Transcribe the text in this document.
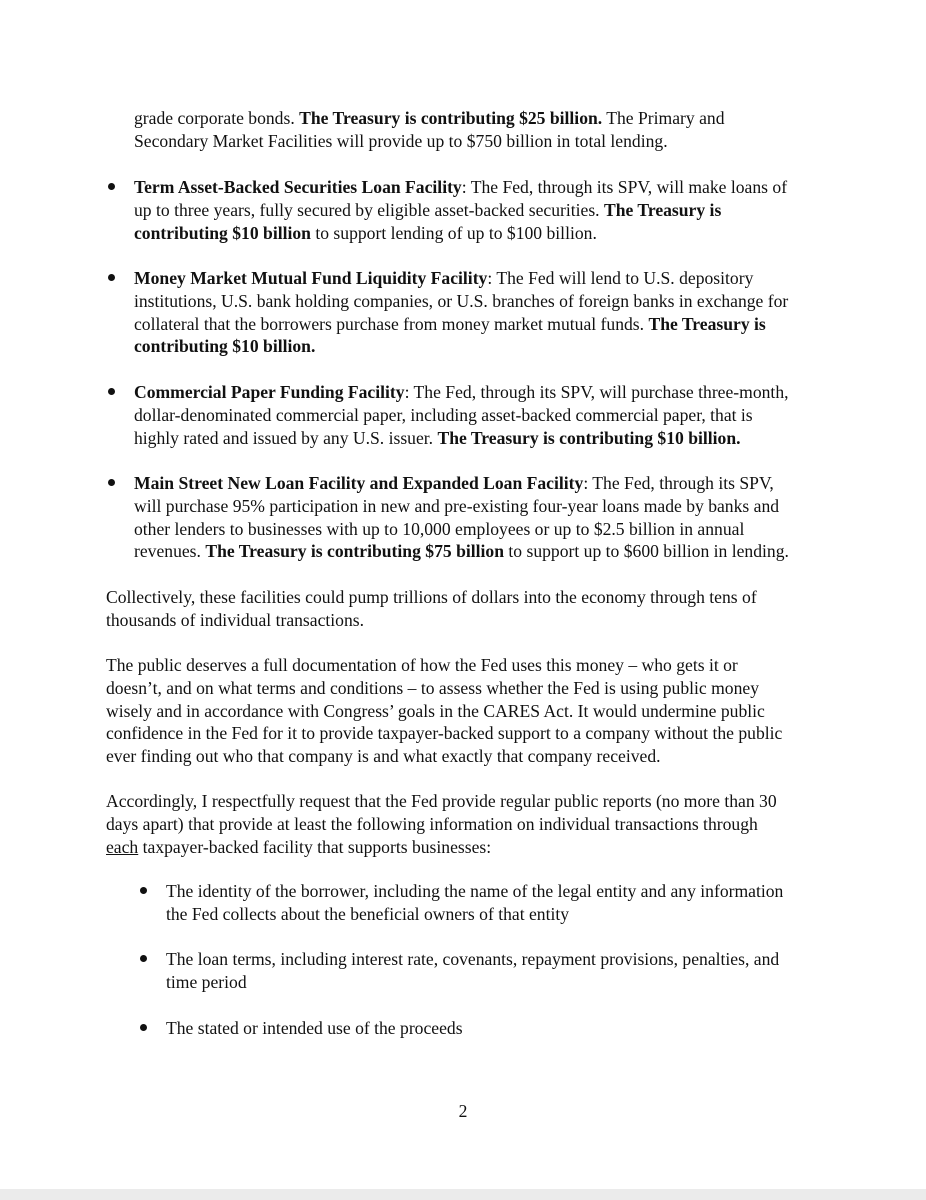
grade corporate bonds. The Treasury is contributing $25 billion. The Primary and
Secondary Market Facilities will provide up to $750 billion in total lending.

Term Asset-Backed Securities Loan Facility: The Fed, through its SPV, will make loans of
up to three years, fully secured by eligible asset-backed securities. The Treasury is
contributing $10 billion to support lending of up to $100 billion.

Money Market Mutual Fund Liquidity Facility: The Fed will lend to U.S. depository
institutions, U.S. bank holding companies, or U.S. branches of foreign banks in exchange for
collateral that the borrowers purchase from money market mutual funds. The Treasury is
contributing $10 billion.

Commercial Paper Funding Facility: The Fed, through its SPV, will purchase three-month,
dollar-denominated commercial paper, including asset-backed commercial paper, that is
highly rated and issued by any U.S. issuer. The Treasury is contributing $10 billion.

Main Street New Loan Facility and Expanded Loan Facility: The Fed, through its SPV,
will purchase 95% participation in new and pre-existing four-year loans made by banks and
other lenders to businesses with up to 10,000 employees or up to $2.5 billion in annual
revenues. The Treasury is contributing $75 billion to support up to $600 billion in lending.

Collectively, these facilities could pump trillions of dollars into the economy through tens of
thousands of individual transactions.

The public deserves a full documentation of how the Fed uses this money – who gets it or
doesn’t, and on what terms and conditions – to assess whether the Fed is using public money
wisely and in accordance with Congress’ goals in the CARES Act. It would undermine public
confidence in the Fed for it to provide taxpayer-backed support to a company without the public
ever finding out who that company is and what exactly that company received.

Accordingly, I respectfully request that the Fed provide regular public reports (no more than 30
days apart) that provide at least the following information on individual transactions through
each taxpayer-backed facility that supports businesses:

The identity of the borrower, including the name of the legal entity and any information
the Fed collects about the beneficial owners of that entity

The loan terms, including interest rate, covenants, repayment provisions, penalties, and
time period

The stated or intended use of the proceeds

2
